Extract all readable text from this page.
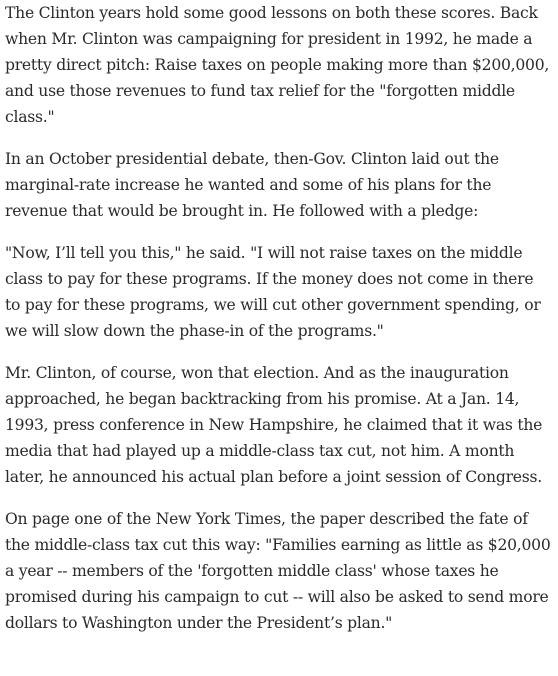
The Clinton years hold some good lessons on both these scores. Back when Mr. Clinton was campaigning for president in 1992, he made a pretty direct pitch: Raise taxes on people making more than $200,000, and use those revenues to fund tax relief for the "forgotten middle class."

In an October presidential debate, then-Gov. Clinton laid out the marginal-rate increase he wanted and some of his plans for the revenue that would be brought in. He followed with a pledge:

"Now, I’ll tell you this," he said. "I will not raise taxes on the middle class to pay for these programs. If the money does not come in there to pay for these programs, we will cut other government spending, or we will slow down the phase-in of the programs."

Mr. Clinton, of course, won that election. And as the inauguration approached, he began backtracking from his promise. At a Jan. 14, 1993, press conference in New Hampshire, he claimed that it was the media that had played up a middle-class tax cut, not him. A month later, he announced his actual plan before a joint session of Congress.

On page one of the New York Times, the paper described the fate of the middle-class tax cut this way: "Families earning as little as $20,000 a year -- members of the 'forgotten middle class' whose taxes he promised during his campaign to cut -- will also be asked to send more dollars to Washington under the President’s plan."
